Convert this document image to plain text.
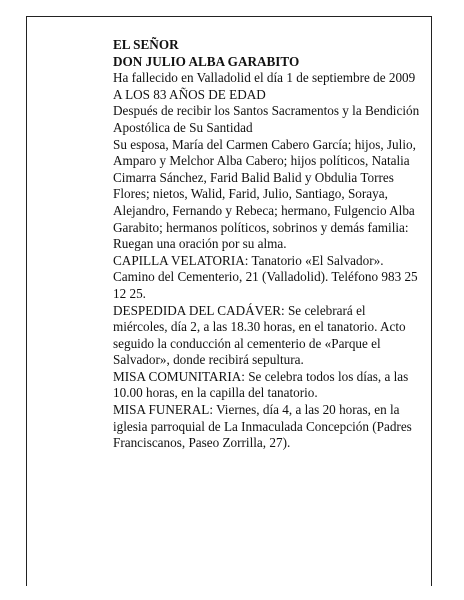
EL SEÑOR

DON JULIO ALBA GARABITO

Ha fallecido en Valladolid el día 1 de septiembre de 2009

A LOS 83 AÑOS DE EDAD

Después de recibir los Santos Sacramentos y la Bendición Apostólica de Su Santidad

Su esposa, María del Carmen Cabero García; hijos, Julio, Amparo y Melchor Alba Cabero; hijos políticos, Natalia Cimarra Sánchez, Farid Balid Balid y Obdulia Torres Flores; nietos, Walid, Farid, Julio, Santiago, Soraya, Alejandro, Fernando y Rebeca; hermano, Fulgencio Alba Garabito; hermanos políticos, sobrinos y demás familia:

Ruegan una oración por su alma.

CAPILLA VELATORIA: Tanatorio «El Salvador». Camino del Cementerio, 21 (Valladolid). Teléfono 983 25 12 25.

DESPEDIDA DEL CADÁVER: Se celebrará el miércoles, día 2, a las 18.30 horas, en el tanatorio. Acto seguido la conducción al cementerio de «Parque el Salvador», donde recibirá sepultura.

MISA COMUNITARIA: Se celebra todos los días, a las 10.00 horas, en la capilla del tanatorio.

MISA FUNERAL: Viernes, día 4, a las 20 horas, en la iglesia parroquial de La Inmaculada Concepción (Padres Franciscanos, Paseo Zorrilla, 27).
